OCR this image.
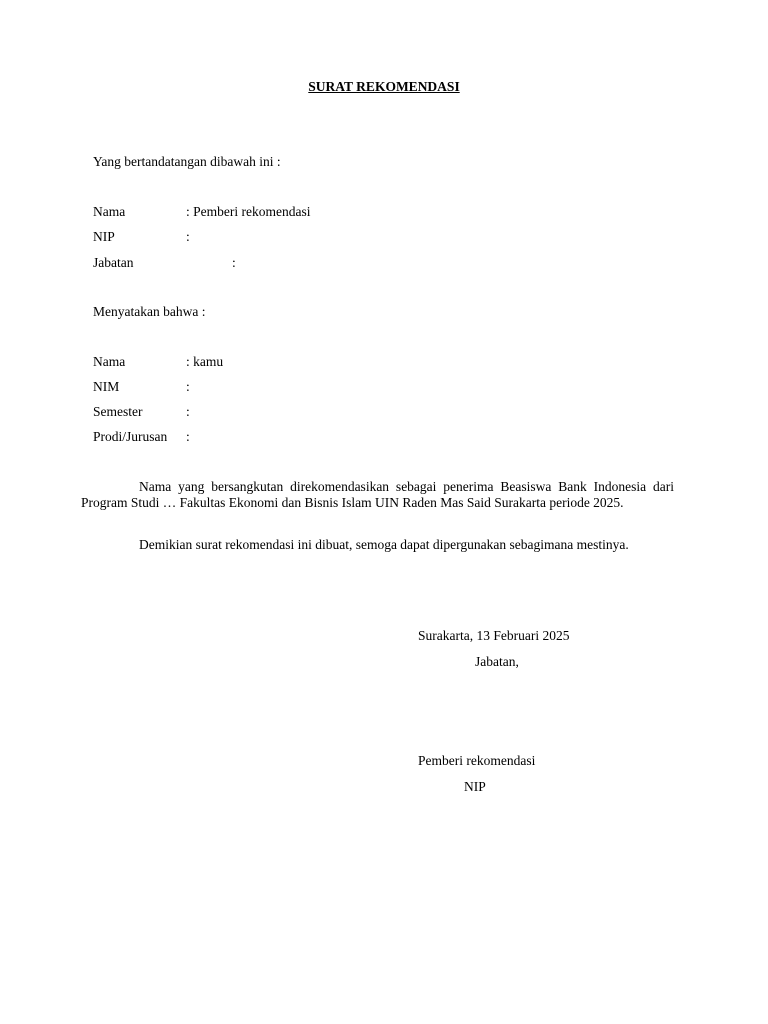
SURAT REKOMENDASI
Yang bertandatangan dibawah ini :
Nama	: Pemberi rekomendasi
NIP	:
Jabatan	:
Menyatakan bahwa :
Nama	: kamu
NIM	:
Semester	:
Prodi/Jurusan :

Nama yang bersangkutan direkomendasikan sebagai penerima Beasiswa Bank Indonesia dari Program Studi … Fakultas Ekonomi dan Bisnis Islam UIN Raden Mas Said Surakarta periode 2025.

Demikian surat rekomendasi ini dibuat, semoga dapat dipergunakan sebagimana mestinya.

Surakarta, 13 Februari 2025
Jabatan,
Pemberi rekomendasi
NIP
